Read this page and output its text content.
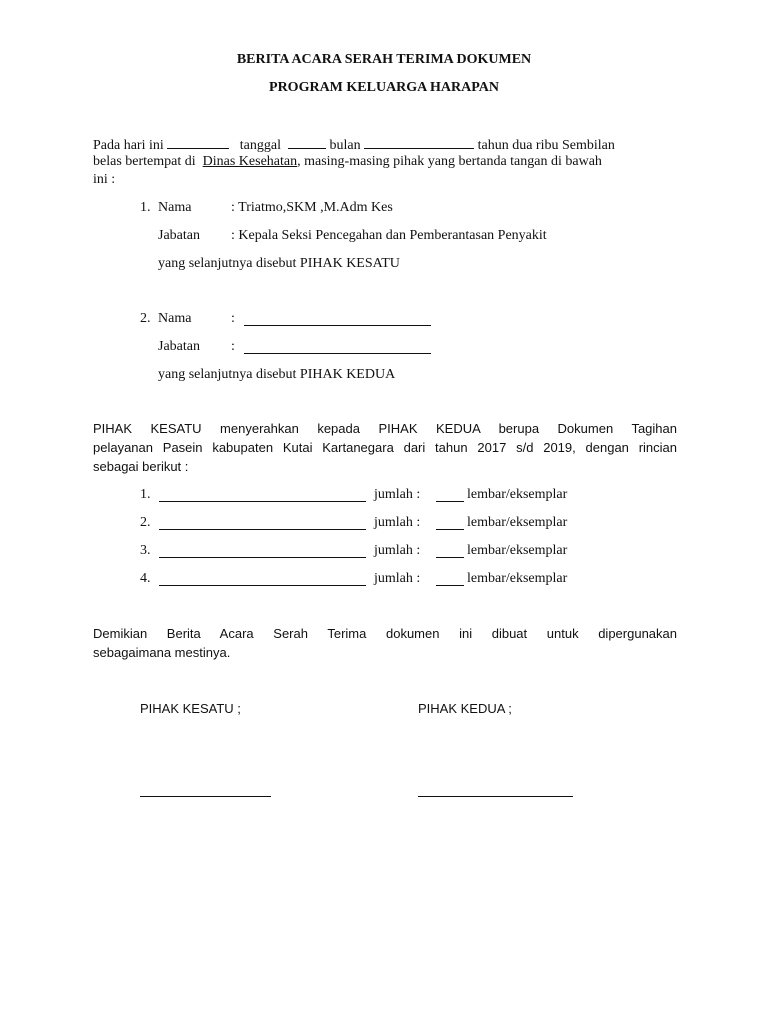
BERITA ACARA SERAH TERIMA DOKUMEN
PROGRAM KELUARGA HARAPAN
Pada hari ini	tanggal	bulan	tahun dua ribu Sembilan
belas bertempat di Dinas Kesehatan, masing-masing pihak yang bertanda tangan di bawah
ini :
1. Nama	: Triatmo,SKM ,M.Adm Kes
Jabatan : Kepala Seksi Pencegahan dan Pemberantasan Penyakit
yang selanjutnya disebut PIHAK KESATU
2. Nama	:
Jabatan :
yang selanjutnya disebut PIHAK KEDUA
PIHAK KESATU menyerahkan kepada PIHAK KEDUA berupa Dokumen Tagihan
pelayanan Pasein kabupaten Kutai Kartanegara dari tahun 2017 s/d 2019, dengan rincian
sebagai berikut :
1.	jumlah :	lembar/eksemplar
2.	jumlah :	lembar/eksemplar
3.	jumlah :	lembar/eksemplar
4.	jumlah :	lembar/eksemplar
Demikian Berita Acara Serah Terima dokumen ini dibuat untuk dipergunakan
sebagaimana mestinya.
PIHAK KESATU ;	PIHAK KEDUA ;
